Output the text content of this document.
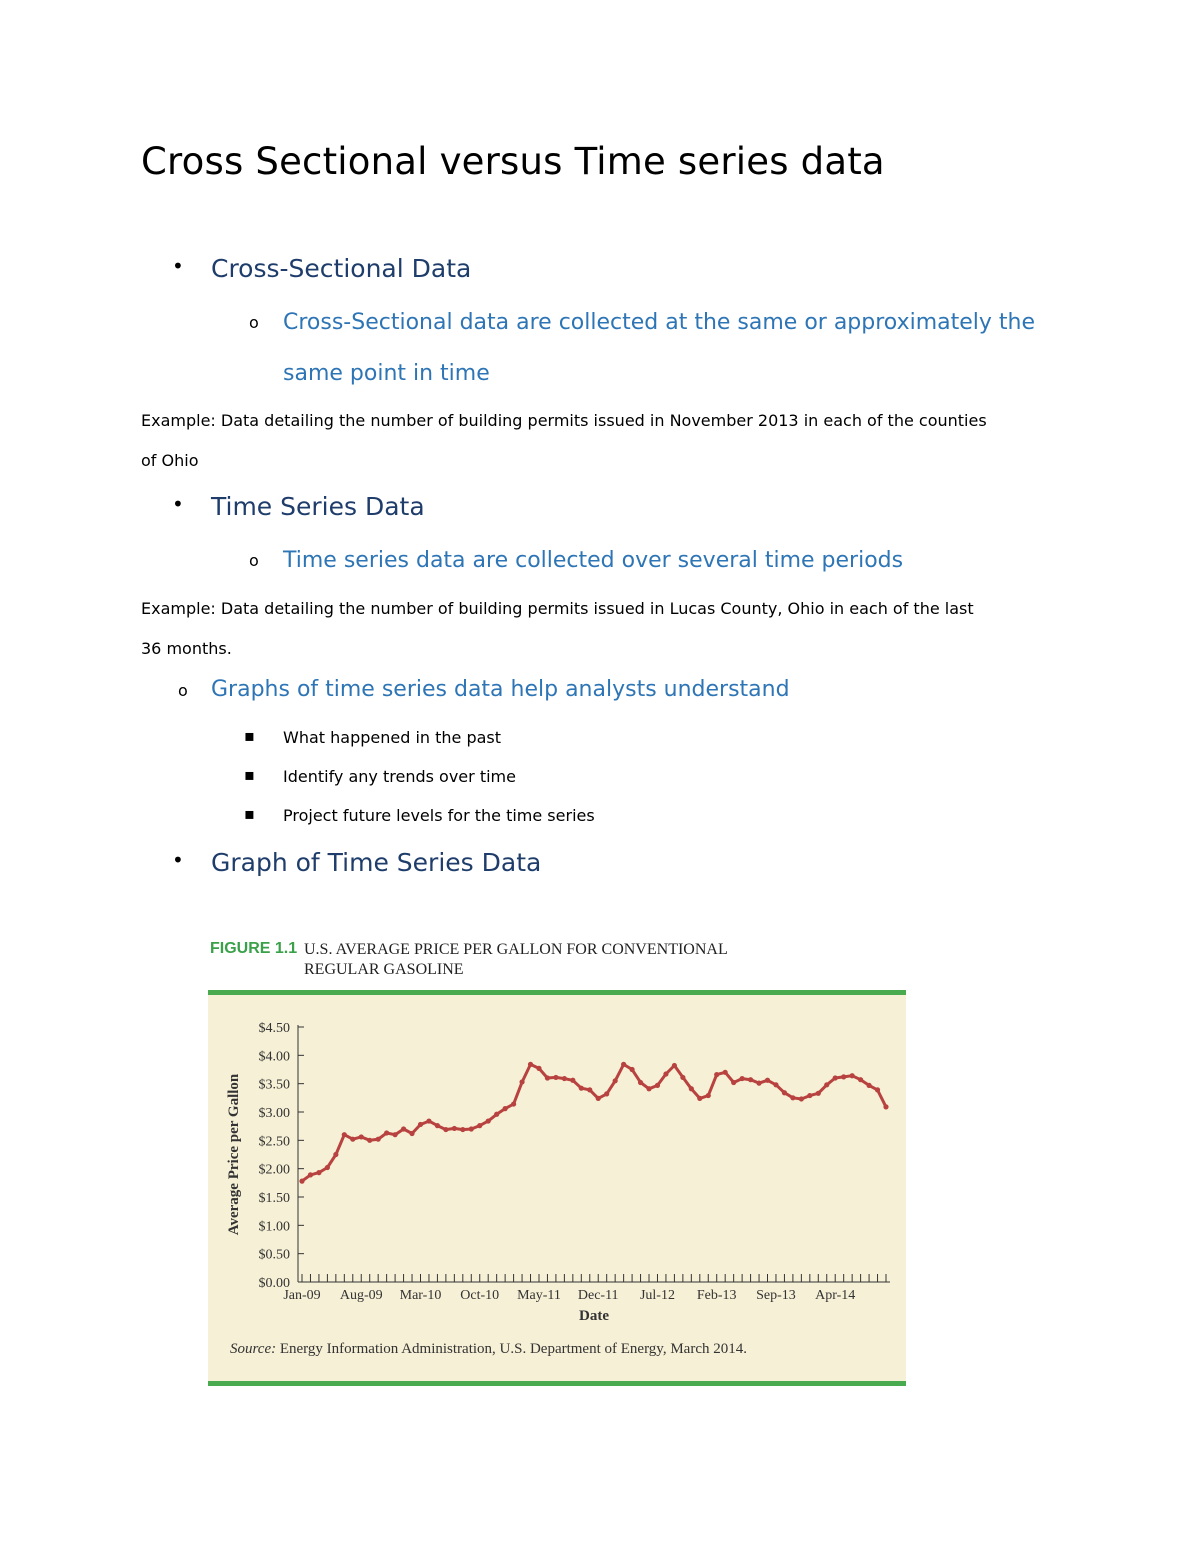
Cross Sectional versus Time series data
• Cross-Sectional Data
o Cross-Sectional data are collected at the same or approximately the
same point in time
Example: Data detailing the number of building permits issued in November 2013 in each of the counties
of Ohio
• Time Series Data
o Time series data are collected over several time periods
Example: Data detailing the number of building permits issued in Lucas County, Ohio in each of the last
36 months.
o Graphs of time series data help analysts understand
▪ What happened in the past
▪ Identify any trends over time
▪ Project future levels for the time series
• Graph of Time Series Data
FIGURE 1.1 U.S. AVERAGE PRICE PER GALLON FOR CONVENTIONAL
REGULAR GASOLINE
$0.00
$0.50
$1.00
$1.50
$2.00
$2.50
$3.00
$3.50
$4.00
$4.50
Average Price per Gallon
Jan-09 Aug-09 Mar-10 Oct-10 May-11 Dec-11 Jul-12 Feb-13 Sep-13 Apr-14
Date
Source: Energy Information Administration, U.S. Department of Energy, March 2014.
